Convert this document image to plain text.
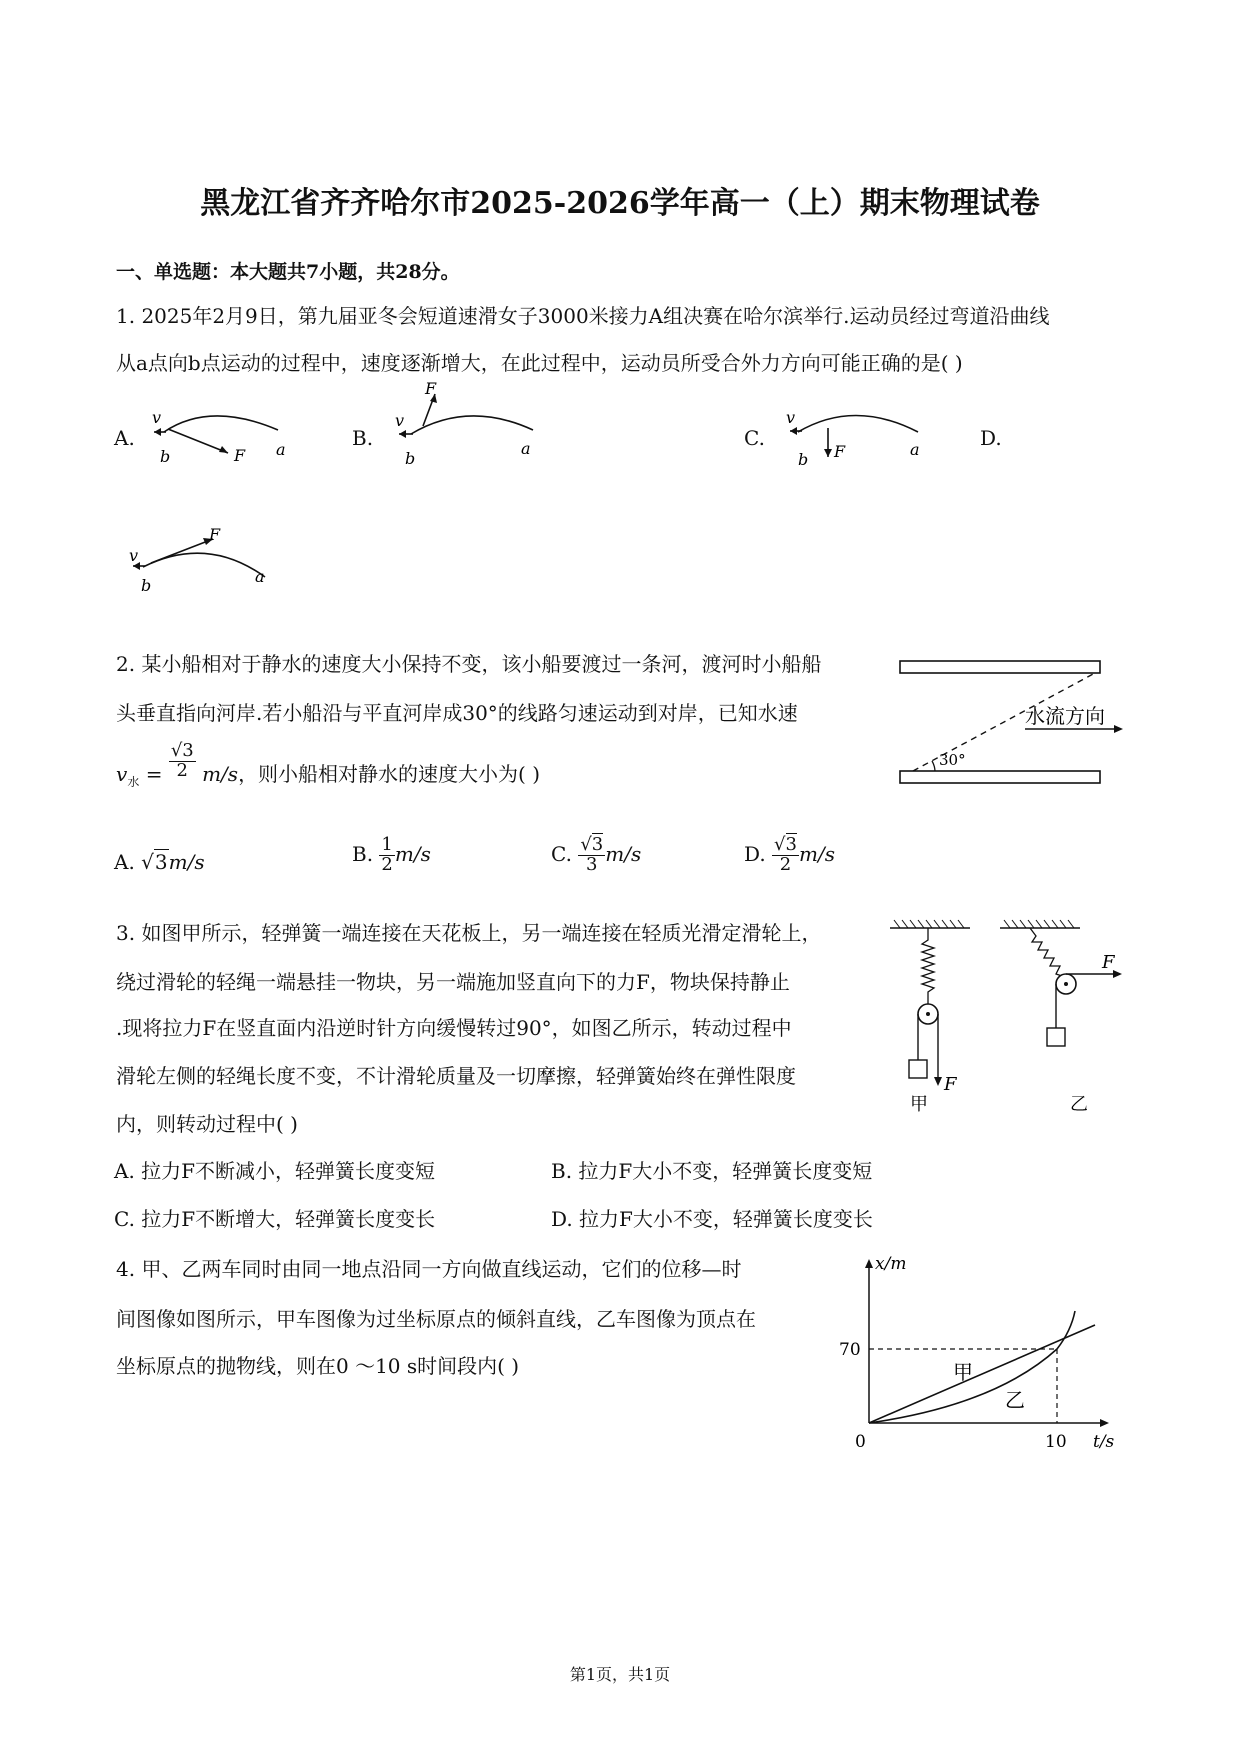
黑龙江省齐齐哈尔市2025-2026学年高一（上）期末物理试卷
一、单选题：本大题共7小题，共28分。
1. 2025年2月9日，第九届亚冬会短道速滑女子3000米接力A组决赛在哈尔滨举行.运动员经过弯道沿曲线
从a点向b点运动的过程中，速度逐渐增大，在此过程中，运动员所受合外力方向可能正确的是( )
A.
v
b	F a	B.
F
v
b
a	C.
v
b F	a	D.
v
b
F
a
2. 某小船相对于静水的速度大小保持不变，该小船要渡过一条河，渡河时小船船
头垂直指向河岸.若小船沿与平直河岸成30°的线路匀速运动到对岸，已知水速
$v_水 = \frac{√3}{2} m/s$，则小船相对静水的速度大小为( )
水流方向
30°
A. √3m/s	B. $\frac{1}{2} m/s$	C. $\frac{√3}{3} m/s$	D. $\frac{√3}{2} m/s$
3. 如图甲所示，轻弹簧一端连接在天花板上，另一端连接在轻质光滑定滑轮上，
绕过滑轮的轻绳一端悬挂一物块，另一端施加竖直向下的力F，物块保持静止
.现将拉力F在竖直面内沿逆时针方向缓慢转过90°，如图乙所示，转动过程中
滑轮左侧的轻绳长度不变，不计滑轮质量及一切摩擦，轻弹簧始终在弹性限度
内，则转动过程中( )
F
甲
F
乙
A. 拉力F不断减小，轻弹簧长度变短	B. 拉力F大小不变，轻弹簧长度变短
C. 拉力F不断增大，轻弹簧长度变长	D. 拉力F大小不变，轻弹簧长度变长
4. 甲、乙两车同时由同一地点沿同一方向做直线运动，它们的位移—时
间图像如图所示，甲车图像为过坐标原点的倾斜直线，乙车图像为顶点在
坐标原点的抛物线，则在0 ～10 s时间段内( )
x/m
t/s
70
10
0
甲
乙
第1页，共1页
